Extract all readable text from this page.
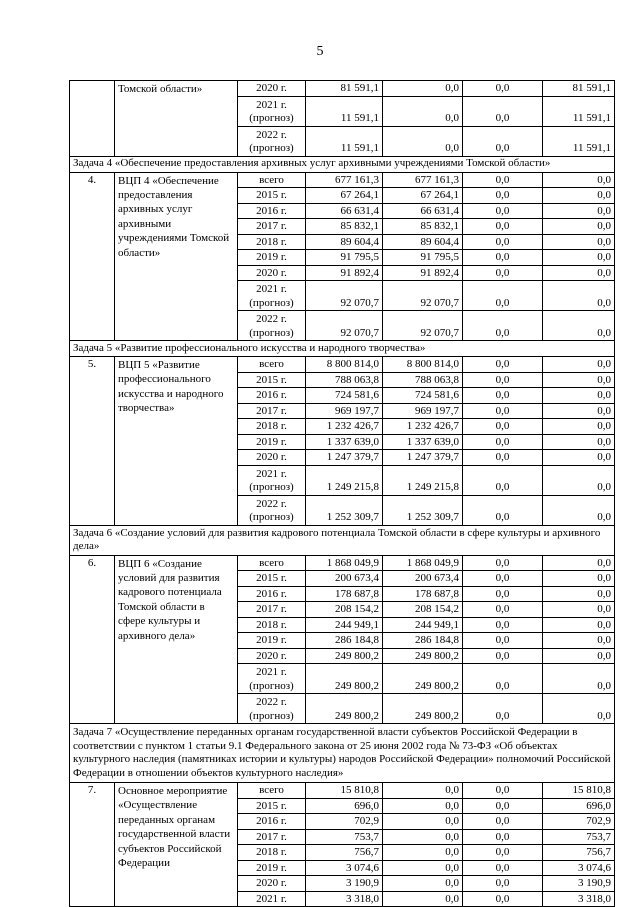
5
	Томской области»	2020 г.	81 591,1	0,0	0,0	81 591,1
		2021 г. (прогноз)	11 591,1	0,0	0,0	11 591,1
		2022 г. (прогноз)	11 591,1	0,0	0,0	11 591,1
Задача 4 «Обеспечение предоставления архивных услуг архивными учреждениями Томской области»						
4.	ВЦП 4 «Обеспечение предоставления архивных услуг архивными учреждениями Томской области»	всего	677 161,3	677 161,3	0,0	0,0
		2015 г.	67 264,1	67 264,1	0,0	0,0
		2016 г.	66 631,4	66 631,4	0,0	0,0
		2017 г.	85 832,1	85 832,1	0,0	0,0
		2018 г.	89 604,4	89 604,4	0,0	0,0
		2019 г.	91 795,5	91 795,5	0,0	0,0
		2020 г.	91 892,4	91 892,4	0,0	0,0
		2021 г. (прогноз)	92 070,7	92 070,7	0,0	0,0
		2022 г. (прогноз)	92 070,7	92 070,7	0,0	0,0
Задача 5 «Развитие профессионального искусства и народного творчества»						
5.	ВЦП 5 «Развитие профессионального искусства и народного творчества»	всего	8 800 814,0	8 800 814,0	0,0	0,0
		2015 г.	788 063,8	788 063,8	0,0	0,0
		2016 г.	724 581,6	724 581,6	0,0	0,0
		2017 г.	969 197,7	969 197,7	0,0	0,0
		2018 г.	1 232 426,7	1 232 426,7	0,0	0,0
		2019 г.	1 337 639,0	1 337 639,0	0,0	0,0
		2020 г.	1 247 379,7	1 247 379,7	0,0	0,0
		2021 г. (прогноз)	1 249 215,8	1 249 215,8	0,0	0,0
		2022 г. (прогноз)	1 252 309,7	1 252 309,7	0,0	0,0
Задача 6 «Создание условий для развития кадрового потенциала Томской области в сфере культуры и архивного дела»						
6.	ВЦП 6 «Создание условий для развития кадрового потенциала Томской области в сфере культуры и архивного дела»	всего	1 868 049,9	1 868 049,9	0,0	0,0
		2015 г.	200 673,4	200 673,4	0,0	0,0
		2016 г.	178 687,8	178 687,8	0,0	0,0
		2017 г.	208 154,2	208 154,2	0,0	0,0
		2018 г.	244 949,1	244 949,1	0,0	0,0
		2019 г.	286 184,8	286 184,8	0,0	0,0
		2020 г.	249 800,2	249 800,2	0,0	0,0
		2021 г. (прогноз)	249 800,2	249 800,2	0,0	0,0
		2022 г. (прогноз)	249 800,2	249 800,2	0,0	0,0
Задача 7 «Осуществление переданных органам государственной власти субъектов Российской Федерации в соответствии с пунктом 1 статьи 9.1 Федерального закона от 25 июня 2002 года № 73-ФЗ «Об объектах культурного наследия (памятниках истории и культуры) народов Российской Федерации» полномочий Российской Федерации в отношении объектов культурного наследия»						
7.	Основное мероприятие «Осуществление переданных органам государственной власти субъектов Российской Федерации	всего	15 810,8	0,0	0,0	15 810,8
		2015 г.	696,0	0,0	0,0	696,0
		2016 г.	702,9	0,0	0,0	702,9
		2017 г.	753,7	0,0	0,0	753,7
		2018 г.	756,7	0,0	0,0	756,7
		2019 г.	3 074,6	0,0	0,0	3 074,6
		2020 г.	3 190,9	0,0	0,0	3 190,9
		2021 г.	3 318,0	0,0	0,0	3 318,0
